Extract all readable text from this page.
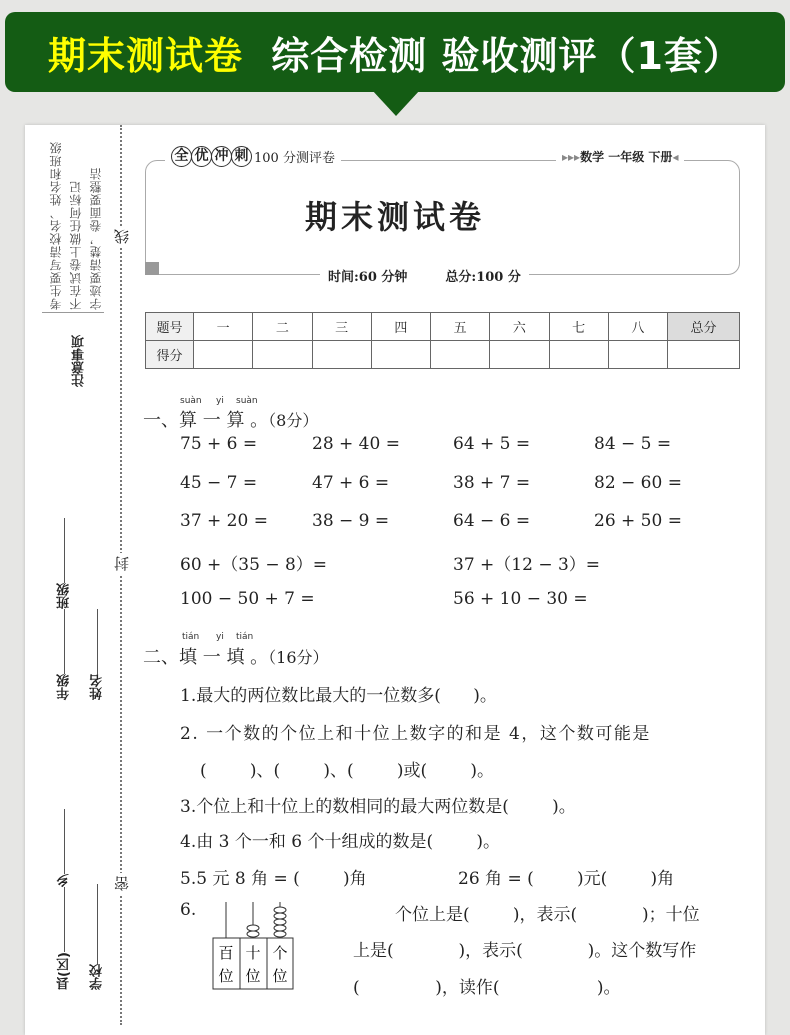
期末测试卷 综合检测 验收测评（1套）
考生要写清校名、姓名和班级 不在试卷上做任何标记 字迹要清楚，卷面要整洁
注意事项
年级班级
姓名
县(区)乡
学校
线
封
密
全 优 冲 刺 100 分测评卷	▸▸▸数学 一年级 下册◂
期末测试卷
时间:60 分钟	总分:100 分
题号	一	二	三	四	五	六	七	八	总分
得分									
suàn yi suàn
一、算 一 算 。（8分）
75 + 6 =	28 + 40 =	64 + 5 =	84 − 5 =
45 − 7 =	47 + 6 =	38 + 7 =	82 − 60 =
37 + 20 =	38 − 9 =	64 − 6 =	26 + 50 =
60 +（35 − 8）=	37 +（12 − 3）=
100 − 50 + 7 =	56 + 10 − 30 =
tián yi tián
二、填 一 填 。（16分）
1.最大的两位数比最大的一位数多(      )。
2. 一个数的个位上和十位上数字的和是 4，这个数可能是
(        )、(        )、(        )或(        )。
3.个位上和十位上的数相同的最大两位数是(        )。
4.由 3 个一和 6 个十组成的数是(        )。
5.5 元 8 角 = (        )角	26 角 = (        )元(        )角
6.	个位上是(        )，表示(            )；十位
上是(            )，表示(            )。这个数写作
(              )，读作(                  )。
百
位
十
位
个
位
